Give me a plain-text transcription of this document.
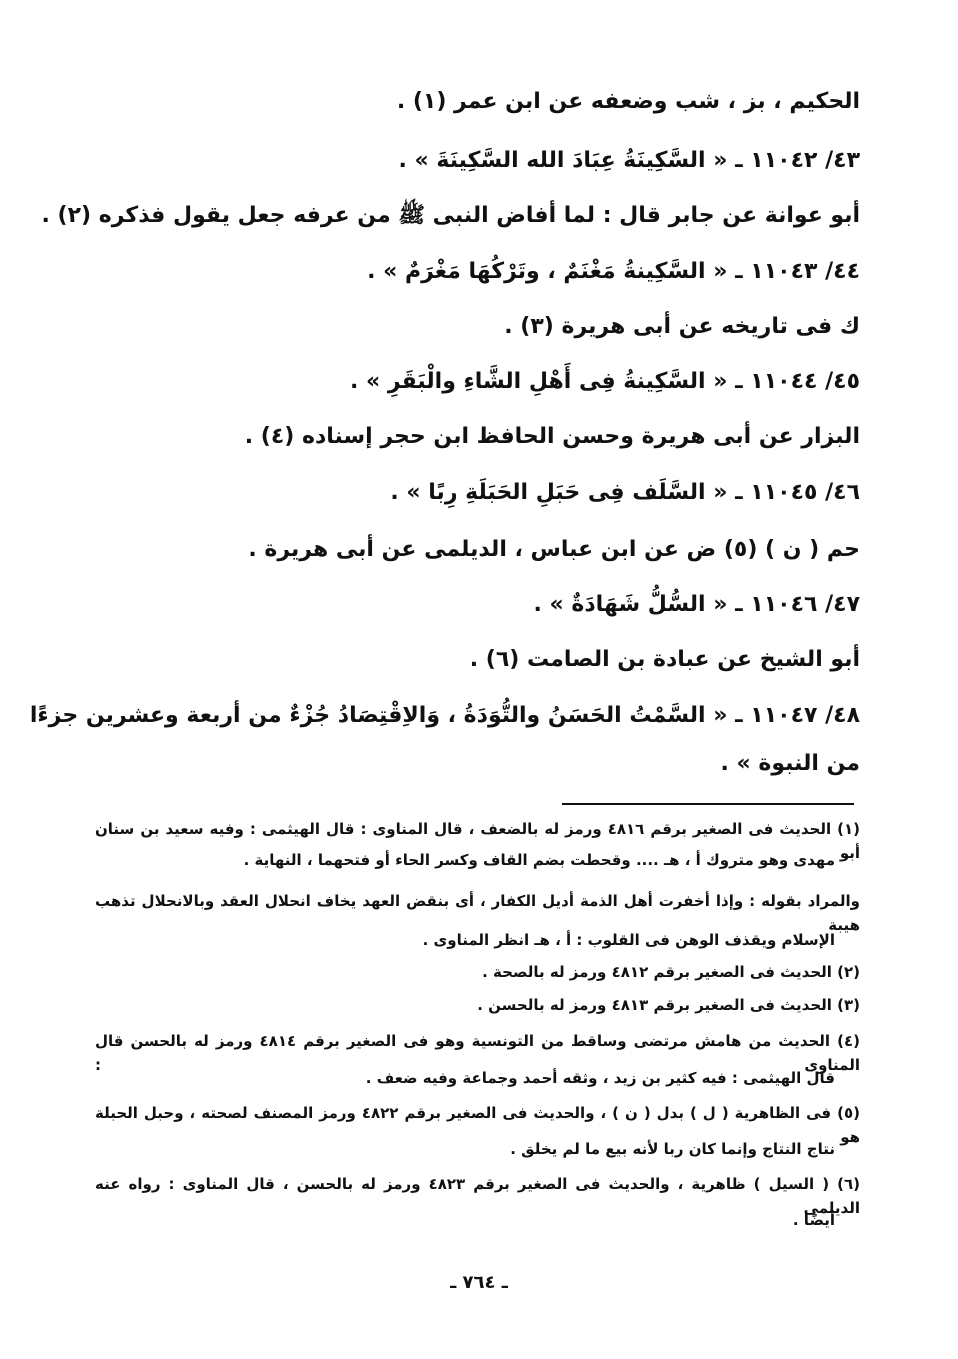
الحكيم ، بز ، شب وضعفه عن ابن عمر (١) .
٤٣/ ١١٠٤٢ ـ « السَّكِينَةُ عِبَادَ الله السَّكِينَةَ » .
أبو عوانة عن جابر قال : لما أفاض النبى ﷺ من عرفه جعل يقول فذكره (٢) .
٤٤/ ١١٠٤٣ ـ « السَّكِينةُ مَغْنَمٌ ، وتَرْكُهَا مَغْرَمٌ » .
ك فى تاريخه عن أبى هريرة (٣) .
٤٥/ ١١٠٤٤ ـ « السَّكِينةُ فِى أَهْلِ الشَّاءِ والْبَقَرِ » .
البزار عن أبى هريرة وحسن الحافظ ابن حجر إسناده (٤) .
٤٦/ ١١٠٤٥ ـ « السَّلَف فِى حَبَلِ الحَبَلَةِ رِبًا » .
حم ( ن ) (٥) ض عن ابن عباس ، الديلمى عن أبى هريرة .
٤٧/ ١١٠٤٦ ـ « السُّلُّ شَهَادَةٌ » .
أبو الشيخ عن عبادة بن الصامت (٦) .
٤٨/ ١١٠٤٧ ـ « السَّمْتُ الحَسَنُ والتُّوَدَةُ ، وَالاِقْتِصَادُ جُزْءٌ من أربعة وعشرين جزءًا
من النبوة » .
(١) الحديث فى الصغير برقم ٤٨١٦ ورمز له بالضعف ، قال المناوى : قال الهيثمى : وفيه سعيد بن سنان أبو
مهدى وهو متروك أ ، هـ .... وقحطت بضم القاف وكسر الحاء أو فتحهما ، النهاية .
والمراد بقوله : وإذا أخفرت أهل الذمة أديل الكفار ، أى بنقض العهد يخاف انحلال العقد وبالانحلال تذهب هيبة
الإسلام ويقذف الوهن فى القلوب : أ ، هـ انظر المناوى .
(٢) الحديث فى الصغير برقم ٤٨١٢ ورمز له بالصحة .
(٣) الحديث فى الصغير برقم ٤٨١٣ ورمز له بالحسن .
(٤) الحديث من هامش مرتضى وساقط من التونسية وهو فى الصغير برقم ٤٨١٤ ورمز له بالحسن قال المناوى :
قال الهيثمى : فيه كثير بن زيد ، وثقه أحمد وجماعة وفيه ضعف .
(٥) فى الظاهرية ( ل ) بدل ( ن ) ، والحديث فى الصغير برقم ٤٨٢٢ ورمز المصنف لصحته ، وحبل الحبلة هو
نتاج النتاج وإنما كان ربا لأنه بيع ما لم يخلق .
(٦) ( السيل ) ظاهرية ، والحديث فى الصغير برقم ٤٨٢٣ ورمز له بالحسن ، قال المناوى : رواه عنه الديلمى
أيضًا .
ـ ٧٦٤ ـ
